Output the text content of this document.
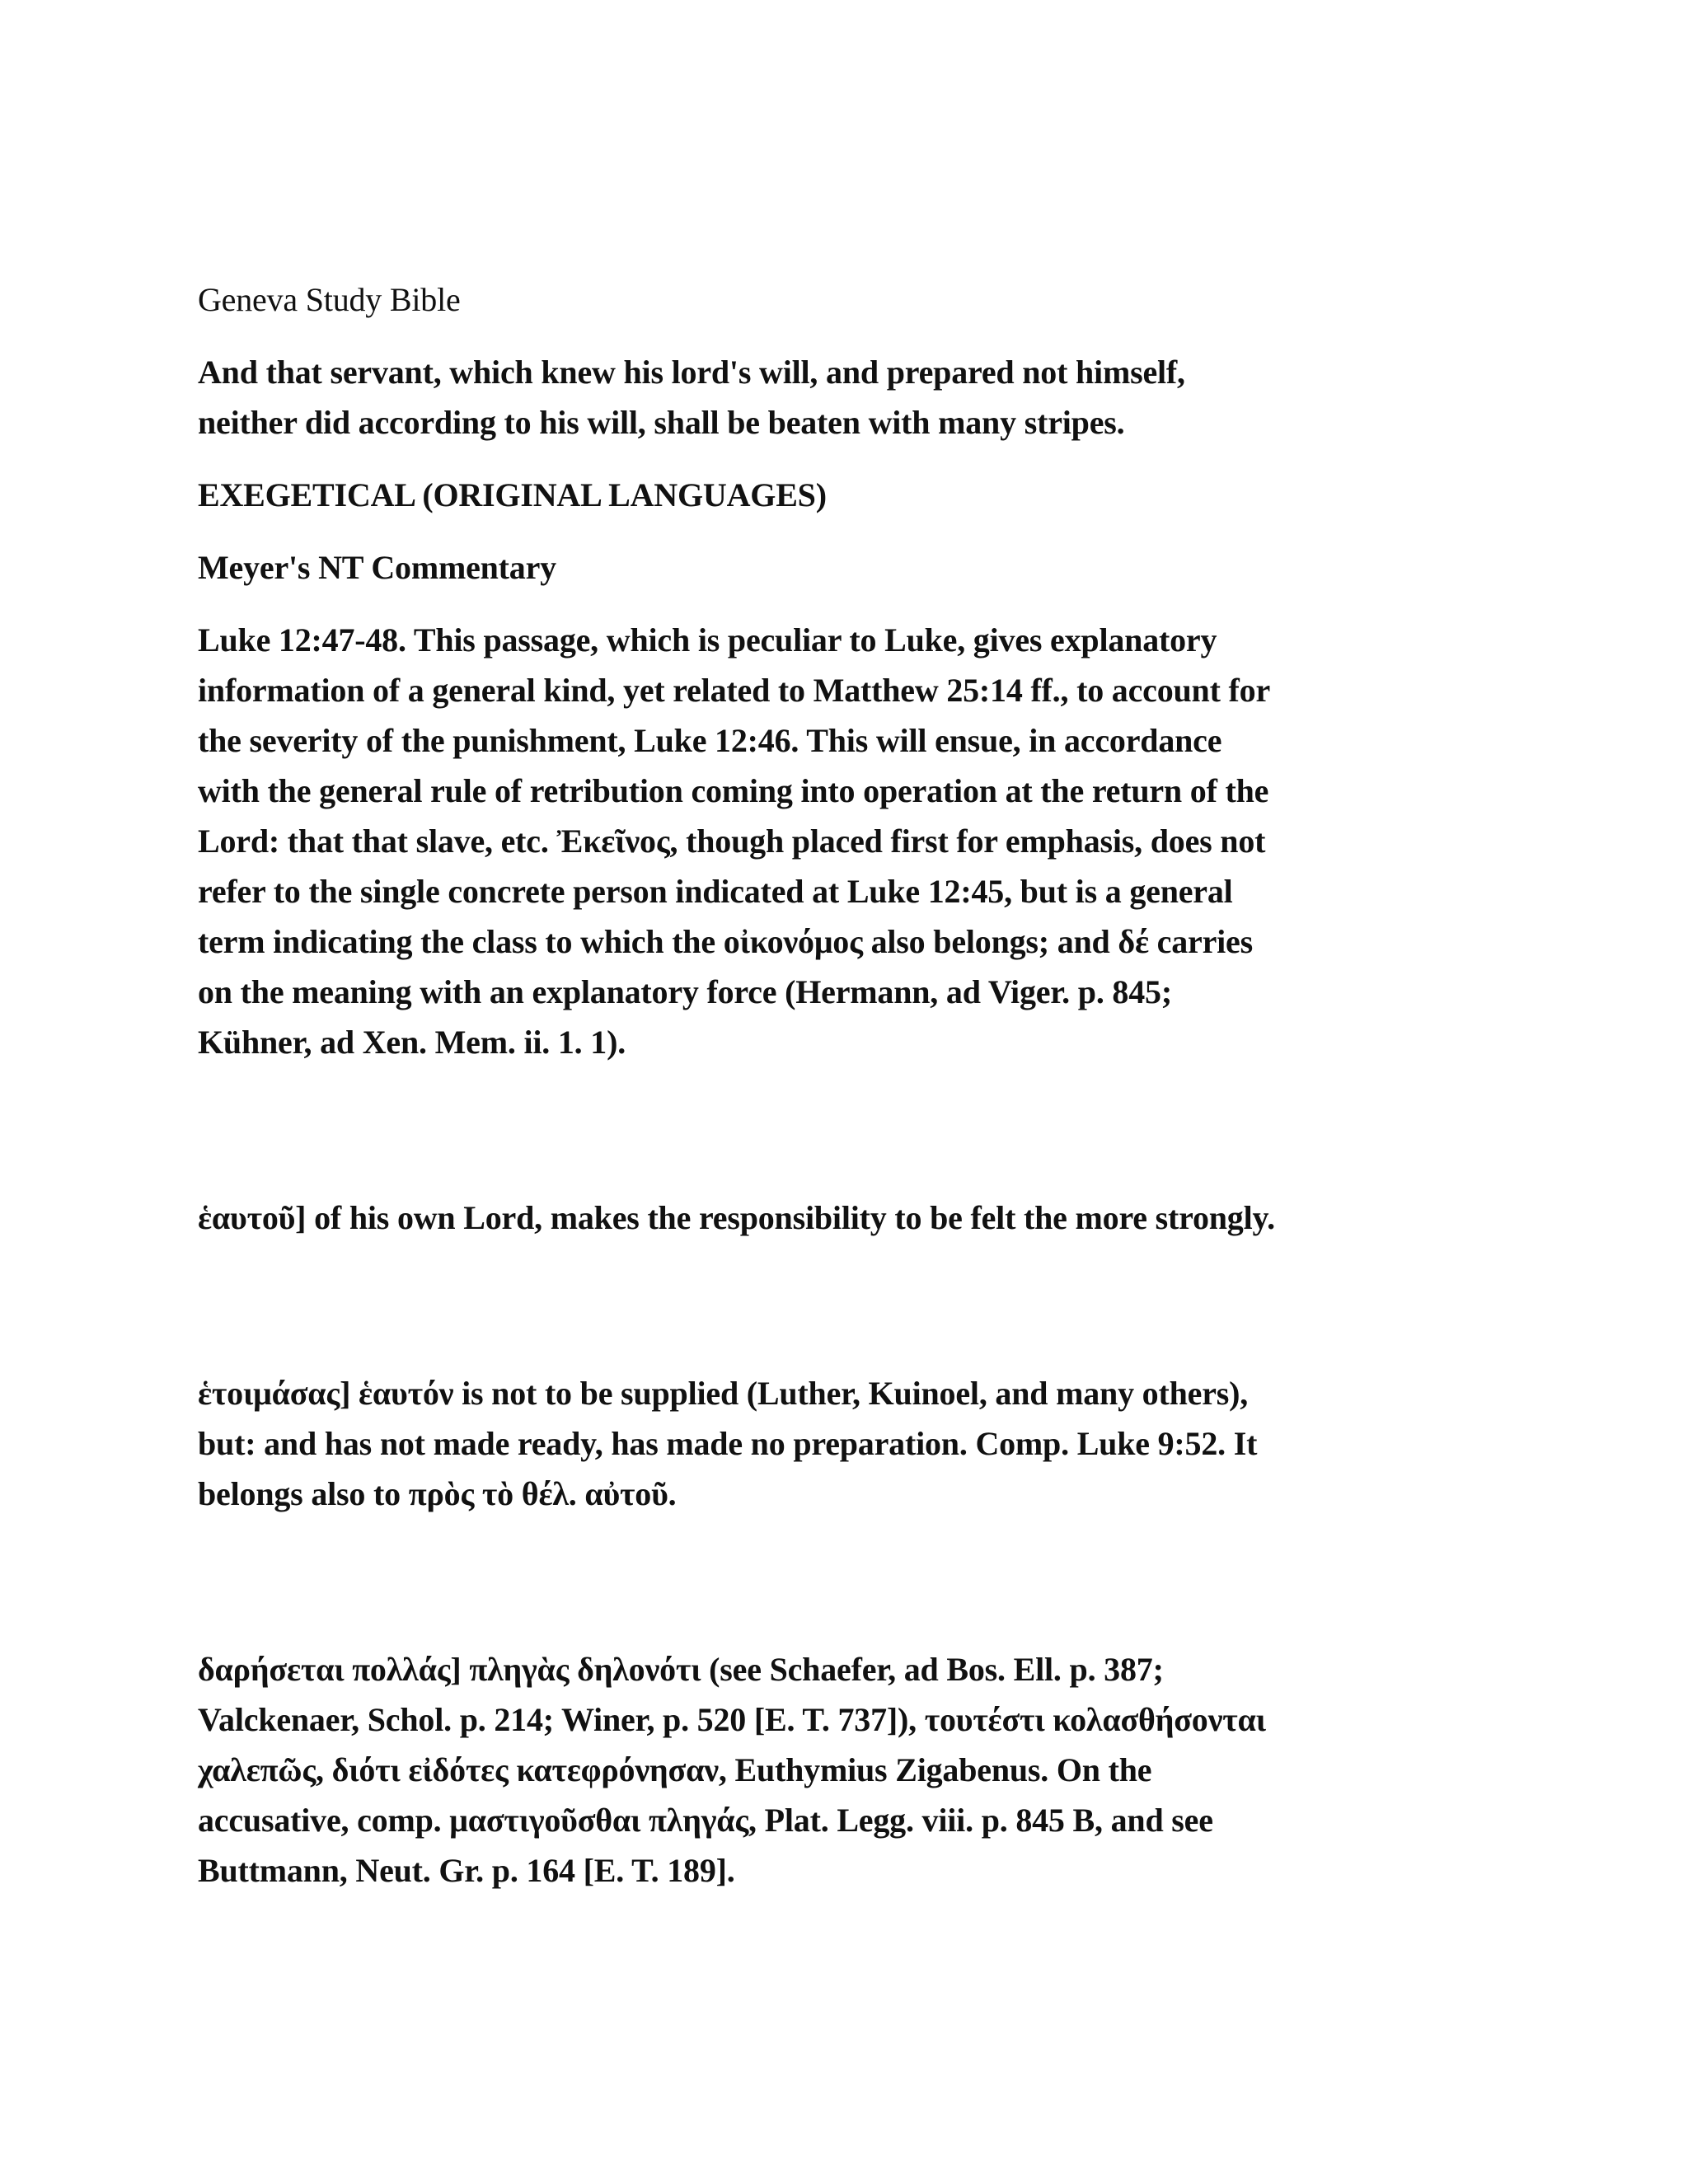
Geneva Study Bible
And that servant, which knew his lord's will, and prepared not himself,
neither did according to his will, shall be beaten with many stripes.
EXEGETICAL (ORIGINAL LANGUAGES)
Meyer's NT Commentary
Luke 12:47-48. This passage, which is peculiar to Luke, gives explanatory
information of a general kind, yet related to Matthew 25:14 ff., to account for
the severity of the punishment, Luke 12:46. This will ensue, in accordance
with the general rule of retribution coming into operation at the return of the
Lord: that that slave, etc. Ἐκεῖνος, though placed first for emphasis, does not
refer to the single concrete person indicated at Luke 12:45, but is a general
term indicating the class to which the οἰκονόμος also belongs; and δέ carries
on the meaning with an explanatory force (Hermann, ad Viger. p. 845;
Kühner, ad Xen. Mem. ii. 1. 1).
ἑαυτοῦ] of his own Lord, makes the responsibility to be felt the more strongly.
ἑτοιμάσας] ἑαυτόν is not to be supplied (Luther, Kuinoel, and many others),
but: and has not made ready, has made no preparation. Comp. Luke 9:52. It
belongs also to πρὸς τὸ θέλ. αὐτοῦ.
δαρήσεται πολλάς] πληγὰς δηλονότι (see Schaefer, ad Bos. Ell. p. 387;
Valckenaer, Schol. p. 214; Winer, p. 520 [E. T. 737]), τουτέστι κολασθήσονται
χαλεπῶς, διότι εἰδότες κατεφρόνησαν, Euthymius Zigabenus. On the
accusative, comp. μαστιγοῦσθαι πληγάς, Plat. Legg. viii. p. 845 B, and see
Buttmann, Neut. Gr. p. 164 [E. T. 189].
